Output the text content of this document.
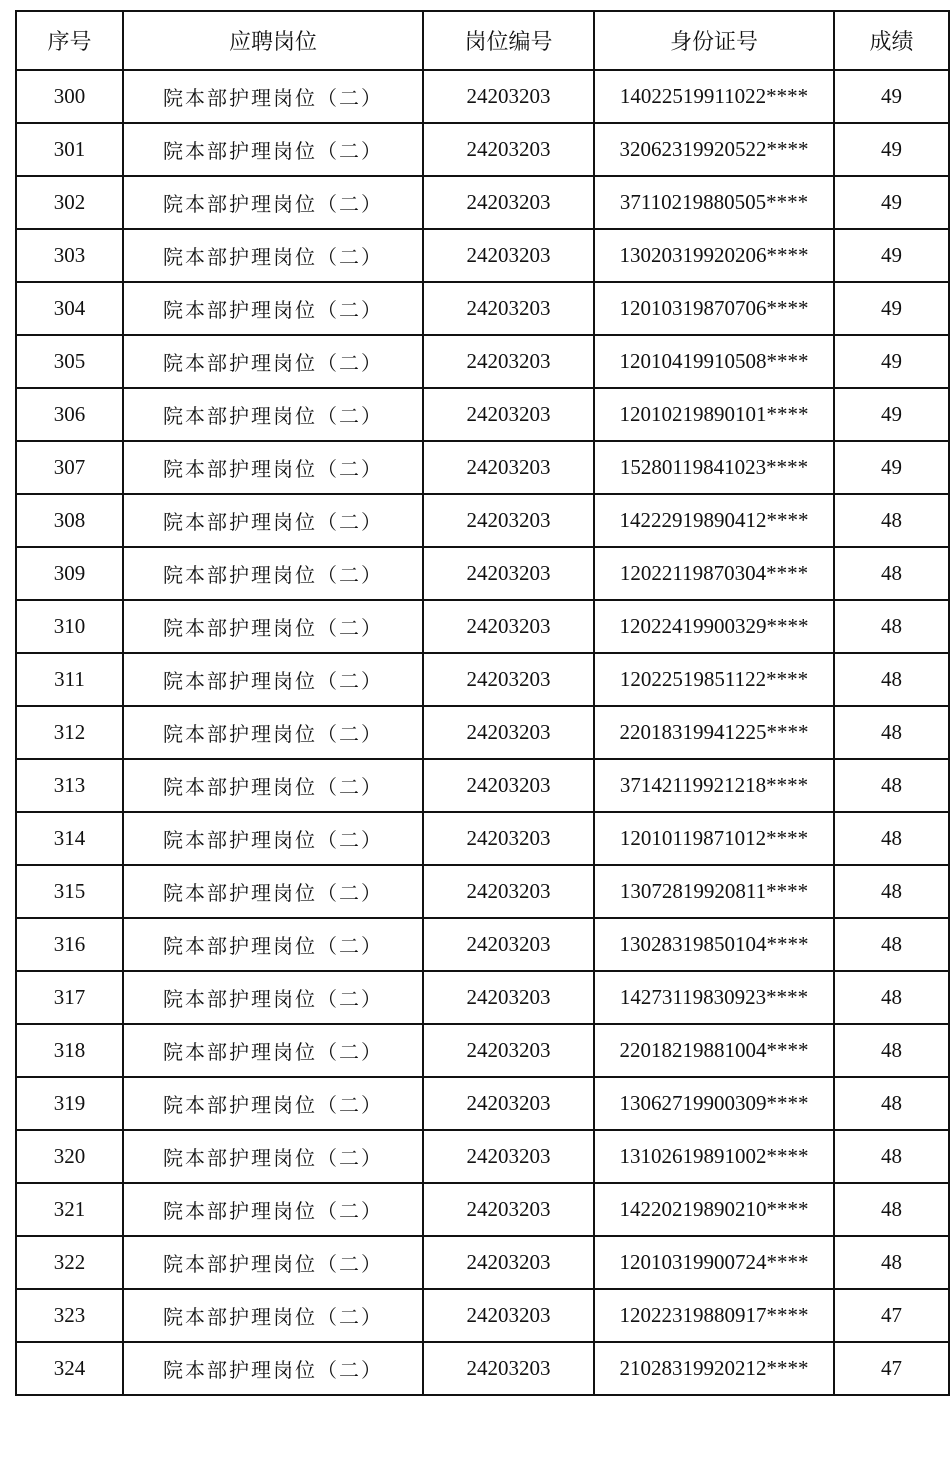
序号	应聘岗位	岗位编号	身份证号	成绩
300	院本部护理岗位（二）	24203203	14022519911022****	49
301	院本部护理岗位（二）	24203203	32062319920522****	49
302	院本部护理岗位（二）	24203203	37110219880505****	49
303	院本部护理岗位（二）	24203203	13020319920206****	49
304	院本部护理岗位（二）	24203203	12010319870706****	49
305	院本部护理岗位（二）	24203203	12010419910508****	49
306	院本部护理岗位（二）	24203203	12010219890101****	49
307	院本部护理岗位（二）	24203203	15280119841023****	49
308	院本部护理岗位（二）	24203203	14222919890412****	48
309	院本部护理岗位（二）	24203203	12022119870304****	48
310	院本部护理岗位（二）	24203203	12022419900329****	48
311	院本部护理岗位（二）	24203203	12022519851122****	48
312	院本部护理岗位（二）	24203203	22018319941225****	48
313	院本部护理岗位（二）	24203203	37142119921218****	48
314	院本部护理岗位（二）	24203203	12010119871012****	48
315	院本部护理岗位（二）	24203203	13072819920811****	48
316	院本部护理岗位（二）	24203203	13028319850104****	48
317	院本部护理岗位（二）	24203203	14273119830923****	48
318	院本部护理岗位（二）	24203203	22018219881004****	48
319	院本部护理岗位（二）	24203203	13062719900309****	48
320	院本部护理岗位（二）	24203203	13102619891002****	48
321	院本部护理岗位（二）	24203203	14220219890210****	48
322	院本部护理岗位（二）	24203203	12010319900724****	48
323	院本部护理岗位（二）	24203203	12022319880917****	47
324	院本部护理岗位（二）	24203203	21028319920212****	47
